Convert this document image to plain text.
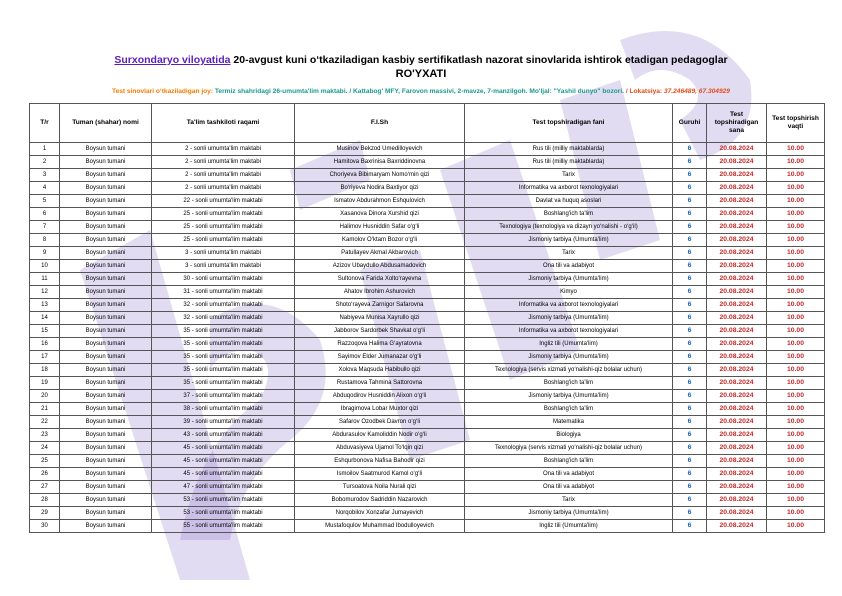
Surxondaryo viloyatida 20-avgust kuni o‘tkaziladigan kasbiy sertifikatlash nazorat sinovlarida ishtirok etadigan pedagoglar
RO'YXATI
Test sinovlari o‘tkaziladigan joy: Termiz shahridagi 26-umumta'lim maktabi. / Kattabog' MFY, Farovon massivi, 2-mavze, 7-manzilgoh. Mo'ljal: "Yashil dunyo" bozori. / Lokatsiya: 37.246489, 67.304929
T/r	Tuman (shahar) nomi	Ta'lim tashkiloti raqami	F.I.Sh	Test topshiradigan fani	Guruhi	Test topshiradigan sana	Test topshirish vaqti
1	Boysun tumani	2 - sonli umumta'lim maktabi	Musinov Bekzod Umedilloyevich	Rus tili (milliy maktablarda)	6	20.08.2024	10.00
2	Boysun tumani	2 - sonli umumta'lim maktabi	Hamitova Baxrinisa Baxriddinovna	Rus tili (milliy maktablarda)	6	20.08.2024	10.00
3	Boysun tumani	2 - sonli umumta'lim maktabi	Choriyeva Bibimaryam Nomo‘min qizi	Tarix	6	20.08.2024	10.00
4	Boysun tumani	2 - sonli umumta'lim maktabi	Bo‘riyeva Nodira Baxtiyor qizi	Informatika va axborot texnologiyalari	6	20.08.2024	10.00
5	Boysun tumani	22 - sonli umumta'lim maktabi	Ismatov Abdurahmon Eshqulovich	Davlat va huquq asoslari	6	20.08.2024	10.00
6	Boysun tumani	25 - sonli umumta'lim maktabi	Xasanova Dinora Xurshid qizi	Boshlang'ich ta'lim	6	20.08.2024	10.00
7	Boysun tumani	25 - sonli umumta'lim maktabi	Halimov Husniddin Safar o‘g‘li	Texnologiya (texnologiya va dizayn yo‘nalishi - o‘g‘il)	6	20.08.2024	10.00
8	Boysun tumani	25 - sonli umumta'lim maktabi	Kamolov O‘ktam Bozor o‘g‘li	Jismoniy tarbiya (Umumta'lim)	6	20.08.2024	10.00
9	Boysun tumani	3 - sonli umumta'lim maktabi	Patullayev Akmal Akbarovich	Tarix	6	20.08.2024	10.00
10	Boysun tumani	3 - sonli umumta'lim maktabi	Azizov Ubaydullo Abdusamadovich	Ona tili va adabiyot	6	20.08.2024	10.00
11	Boysun tumani	30 - sonli umumta'lim maktabi	Sultonova Farida Xolto‘rayevna	Jismoniy tarbiya (Umumta'lim)	6	20.08.2024	10.00
12	Boysun tumani	31 - sonli umumta'lim maktabi	Ahatov Ibrohim Ashurovich	Kimyo	6	20.08.2024	10.00
13	Boysun tumani	32 - sonli umumta'lim maktabi	Shoto‘rayeva Zarnigor Safarovna	Informatika va axborot texnologiyalari	6	20.08.2024	10.00
14	Boysun tumani	32 - sonli umumta'lim maktabi	Nabiyeva Munisa Xayrullo qizi	Jismoniy tarbiya (Umumta'lim)	6	20.08.2024	10.00
15	Boysun tumani	35 - sonli umumta'lim maktabi	Jabborov Sardorbek Shavkat o‘g‘li	Informatika va axborot texnologiyalari	6	20.08.2024	10.00
16	Boysun tumani	35 - sonli umumta'lim maktabi	Razzoqova Halima G‘ayratovna	Ingliz tili (Umumta'lim)	6	20.08.2024	10.00
17	Boysun tumani	35 - sonli umumta'lim maktabi	Sayimov Elder Jumanazar o‘g‘li	Jismoniy tarbiya (Umumta'lim)	6	20.08.2024	10.00
18	Boysun tumani	35 - sonli umumta'lim maktabi	Xolova Maqsuda Habibullo qizi	Texnologiya (servis xizmati yo‘nalishi-qiz bolalar uchun)	6	20.08.2024	10.00
19	Boysun tumani	35 - sonli umumta'lim maktabi	Rustamova Tahmina Sattorovna	Boshlang'ich ta'lim	6	20.08.2024	10.00
20	Boysun tumani	37 - sonli umumta'lim maktabi	Abduqodirov Husniddin Alixon o‘g‘li	Jismoniy tarbiya (Umumta'lim)	6	20.08.2024	10.00
21	Boysun tumani	38 - sonli umumta'lim maktabi	Ibragimova Lobar Muxtor qizi	Boshlang'ich ta'lim	6	20.08.2024	10.00
22	Boysun tumani	39 - sonli umumta'lim maktabi	Safarov Ozodbek Davron o‘g‘li	Matematika	6	20.08.2024	10.00
23	Boysun tumani	43 - sonli umumta'lim maktabi	Abdurasulov Kamoliddin Nodir o‘g‘li	Biologiya	6	20.08.2024	10.00
24	Boysun tumani	45 - sonli umumta'lim maktabi	Abduvasiyeva Ujamol To‘lqin qizi	Texnologiya (servis xizmati yo‘nalishi-qiz bolalar uchun)	6	20.08.2024	10.00
25	Boysun tumani	45 - sonli umumta'lim maktabi	Eshqurbonova Nafisa Bahodir qizi	Boshlang'ich ta'lim	6	20.08.2024	10.00
26	Boysun tumani	45 - sonli umumta'lim maktabi	Ismoilov Saatmurod Kamol o‘g‘li	Ona tili va adabiyot	6	20.08.2024	10.00
27	Boysun tumani	47 - sonli umumta'lim maktabi	Tursoatova Noila Nurali qizi	Ona tili va adabiyot	6	20.08.2024	10.00
28	Boysun tumani	53 - sonli umumta'lim maktabi	Bobomurodov Sadriddin Nazarovich	Tarix	6	20.08.2024	10.00
29	Boysun tumani	53 - sonli umumta'lim maktabi	Norqobilov Xonzafar Jumayevich	Jismoniy tarbiya (Umumta'lim)	6	20.08.2024	10.00
30	Boysun tumani	55 - sonli umumta'lim maktabi	Mustafoqulov Muhammad Ibodulloyevich	Ingliz tili (Umumta'lim)	6	20.08.2024	10.00
